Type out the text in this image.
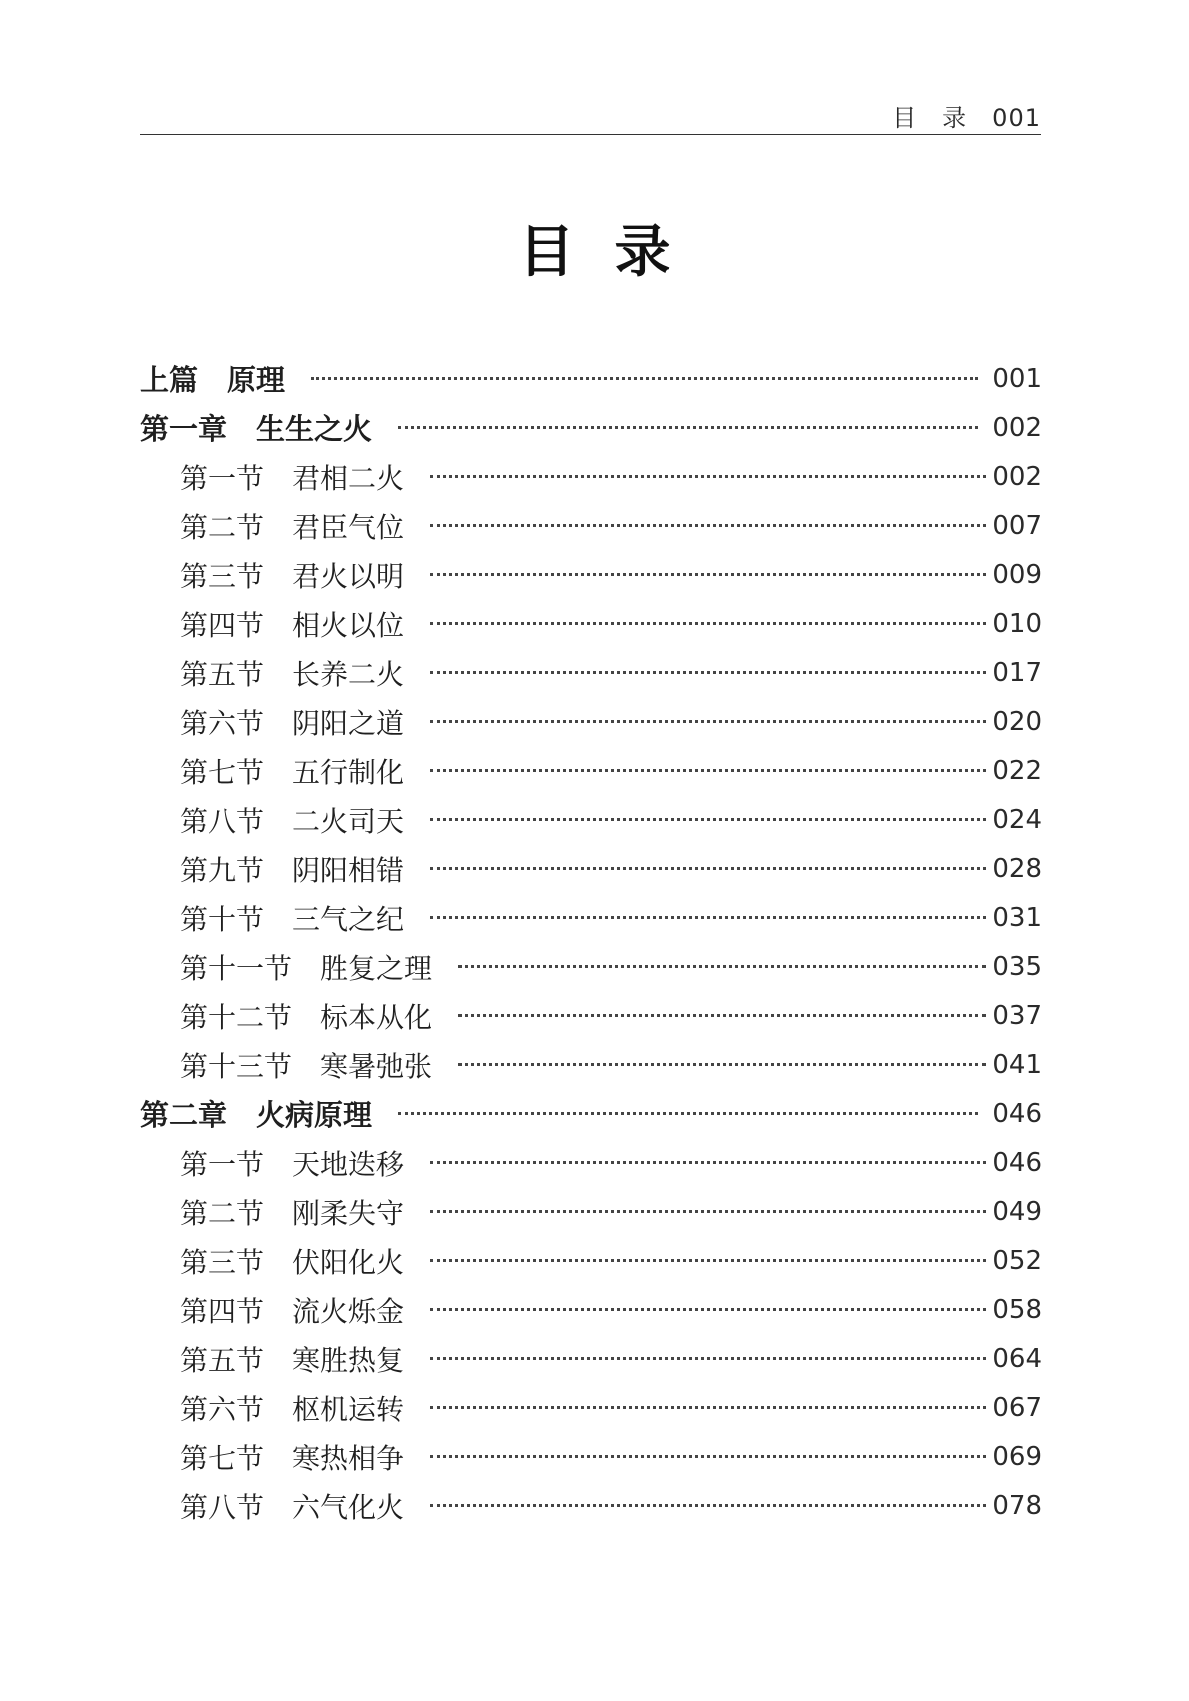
目　录　001
目录
上篇　原理	001
第一章　生生之火	002
第一节　君相二火	002
第二节　君臣气位	007
第三节　君火以明	009
第四节　相火以位	010
第五节　长养二火	017
第六节　阴阳之道	020
第七节　五行制化	022
第八节　二火司天	024
第九节　阴阳相错	028
第十节　三气之纪	031
第十一节　胜复之理	035
第十二节　标本从化	037
第十三节　寒暑弛张	041
第二章　火病原理	046
第一节　天地迭移	046
第二节　刚柔失守	049
第三节　伏阳化火	052
第四节　流火烁金	058
第五节　寒胜热复	064
第六节　枢机运转	067
第七节　寒热相争	069
第八节　六气化火	078
